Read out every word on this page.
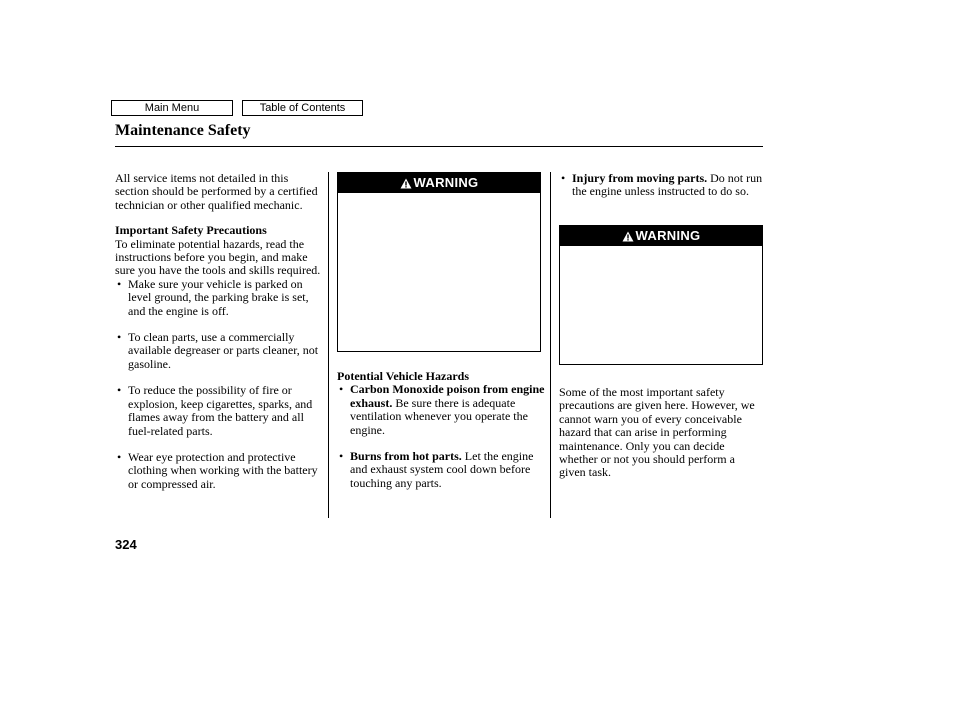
Main Menu	Table of Contents
Maintenance Safety

All service items not detailed in this section should be performed by a certified technician or other qualified mechanic.

Important Safety Precautions

To eliminate potential hazards, read the instructions before you begin, and make sure you have the tools and skills required.

• Make sure your vehicle is parked on level ground, the parking brake is set, and the engine is off.

• To clean parts, use a commercially available degreaser or parts cleaner, not gasoline.

• To reduce the possibility of fire or explosion, keep cigarettes, sparks, and flames away from the battery and all fuel-related parts.

• Wear eye protection and protective clothing when working with the battery or compressed air.

WARNING

Potential Vehicle Hazards

• Carbon Monoxide poison from engine exhaust. Be sure there is adequate ventilation whenever you operate the engine.

• Burns from hot parts. Let the engine and exhaust system cool down before touching any parts.

• Injury from moving parts. Do not run the engine unless instructed to do so.

Some of the most important safety precautions are given here. However, we cannot warn you of every conceivable hazard that can arise in performing maintenance. Only you can decide whether or not you should perform a given task.

WARNING
324
